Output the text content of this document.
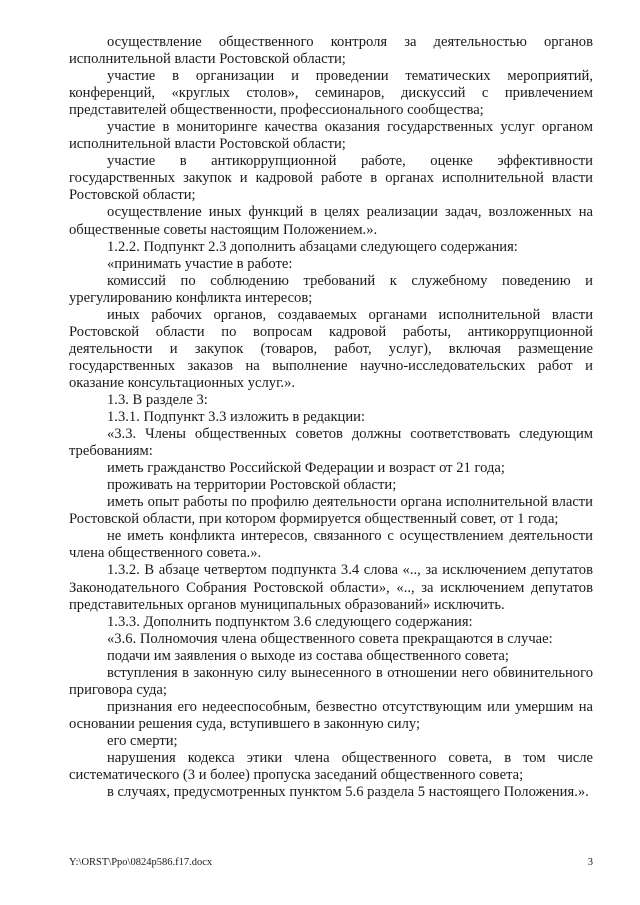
осуществление общественного контроля за деятельностью органов исполнительной власти Ростовской области;

участие в организации и проведении тематических мероприятий, конференций, «круглых столов», семинаров, дискуссий с привлечением представителей общественности, профессионального сообщества;

участие в мониторинге качества оказания государственных услуг органом исполнительной власти Ростовской области;

участие в антикоррупционной работе, оценке эффективности государственных закупок и кадровой работе в органах исполнительной власти Ростовской области;

осуществление иных функций в целях реализации задач, возложенных на общественные советы настоящим Положением.».

1.2.2. Подпункт 2.3 дополнить абзацами следующего содержания:

«принимать участие в работе:

комиссий по соблюдению требований к служебному поведению и урегулированию конфликта интересов;

иных рабочих органов, создаваемых органами исполнительной власти Ростовской области по вопросам кадровой работы, антикоррупционной деятельности и закупок (товаров, работ, услуг), включая размещение государственных заказов на выполнение научно-исследовательских работ и оказание консультационных услуг.».

1.3. В разделе 3:

1.3.1. Подпункт 3.3 изложить в редакции:

«3.3. Члены общественных советов должны соответствовать следующим требованиям:

иметь гражданство Российской Федерации и возраст от 21 года;

проживать на территории Ростовской области;

иметь опыт работы по профилю деятельности органа исполнительной власти Ростовской области, при котором формируется общественный совет, от 1 года;

не иметь конфликта интересов, связанного с осуществлением деятельности члена общественного совета.».

1.3.2. В абзаце четвертом подпункта 3.4 слова «.., за исключением депутатов Законодательного Собрания Ростовской области», «.., за исключением депутатов представительных органов муниципальных образований» исключить.

1.3.3. Дополнить подпунктом 3.6 следующего содержания:

«3.6. Полномочия члена общественного совета прекращаются в случае:

подачи им заявления о выходе из состава общественного совета;

вступления в законную силу вынесенного в отношении него обвинительного приговора суда;

признания его недееспособным, безвестно отсутствующим или умершим на основании решения суда, вступившего в законную силу;

его смерти;

нарушения кодекса этики члена общественного совета, в том числе систематического (3 и более) пропуска заседаний общественного совета;

в случаях, предусмотренных пунктом 5.6 раздела 5 настоящего Положения.».

Y:\ORST\Ppo\0824p586.f17.docx	3
